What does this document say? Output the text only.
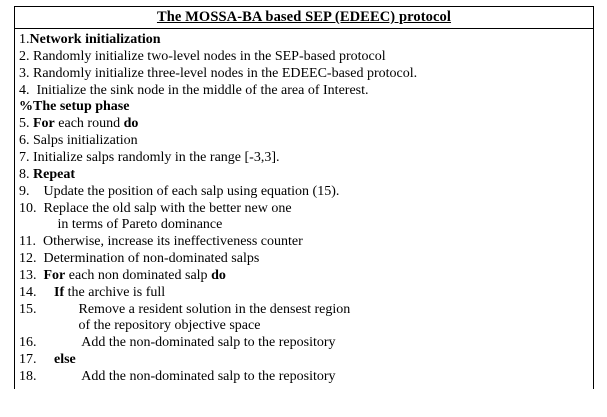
The MOSSA-BA based SEP (EDEEC) protocol
1.Network initialization
2. Randomly initialize two-level nodes in the SEP-based protocol
3. Randomly initialize three-level nodes in the EDEEC-based protocol.
4.  Initialize the sink node in the middle of the area of Interest.
%The setup phase
5. For each round do
6. Salps initialization
7. Initialize salps randomly in the range [-3,3].
8. Repeat
9.    Update the position of each salp using equation (15).
10.  Replace the old salp with the better new one
in terms of Pareto dominance
11.  Otherwise, increase its ineffectiveness counter
12.  Determination of non-dominated salps
13. For each non dominated salp do
14. If the archive is full
15.            Remove a resident solution in the densest region
of the repository objective space
16.             Add the non-dominated salp to the repository
17. else
18.             Add the non-dominated salp to the repository
